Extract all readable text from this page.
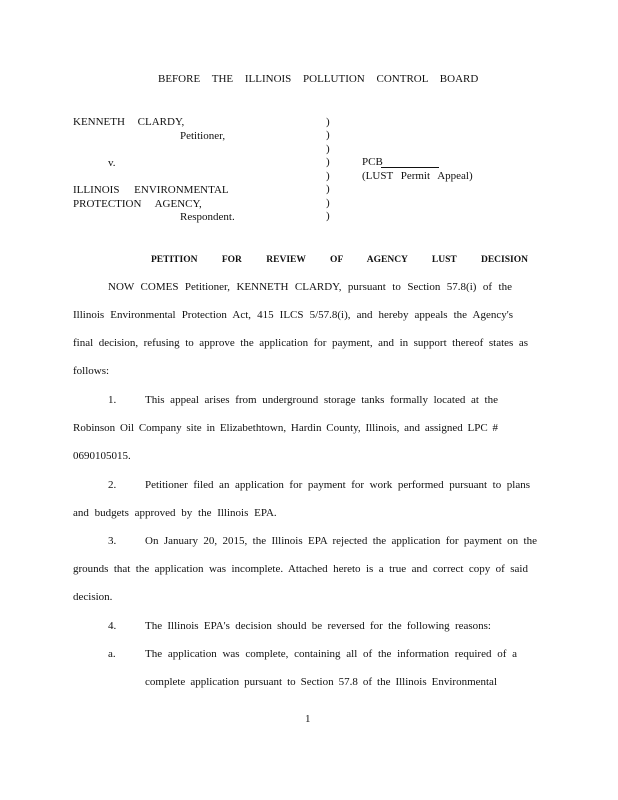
BEFORE THE ILLINOIS POLLUTION CONTROL BOARD
KENNETH CLARDY,
Petitioner,
v.
ILLINOIS ENVIRONMENTAL
PROTECTION AGENCY,
Respondent.
)
)
)
)
)
)
)
)
PCB
(LUST Permit Appeal)
PETITION FOR REVIEW OF AGENCY LUST DECISION
NOW COMES Petitioner, KENNETH CLARDY, pursuant to Section 57.8(i) of the
Illinois Environmental Protection Act, 415 ILCS 5/57.8(i), and hereby appeals the Agency's
final decision, refusing to approve the application for payment, and in support thereof states as
follows:
1.	This appeal arises from underground storage tanks formally located at the
Robinson Oil Company site in Elizabethtown, Hardin County, Illinois, and assigned LPC #
0690105015.
2.	Petitioner filed an application for payment for work performed pursuant to plans
and budgets approved by the Illinois EPA.
3.	On January 20, 2015, the Illinois EPA rejected the application for payment on the
grounds that the application was incomplete. Attached hereto is a true and correct copy of said
decision.
4.	The Illinois EPA's decision should be reversed for the following reasons:
a.	The application was complete, containing all of the information required of a
complete application pursuant to Section 57.8 of the Illinois Environmental
1
